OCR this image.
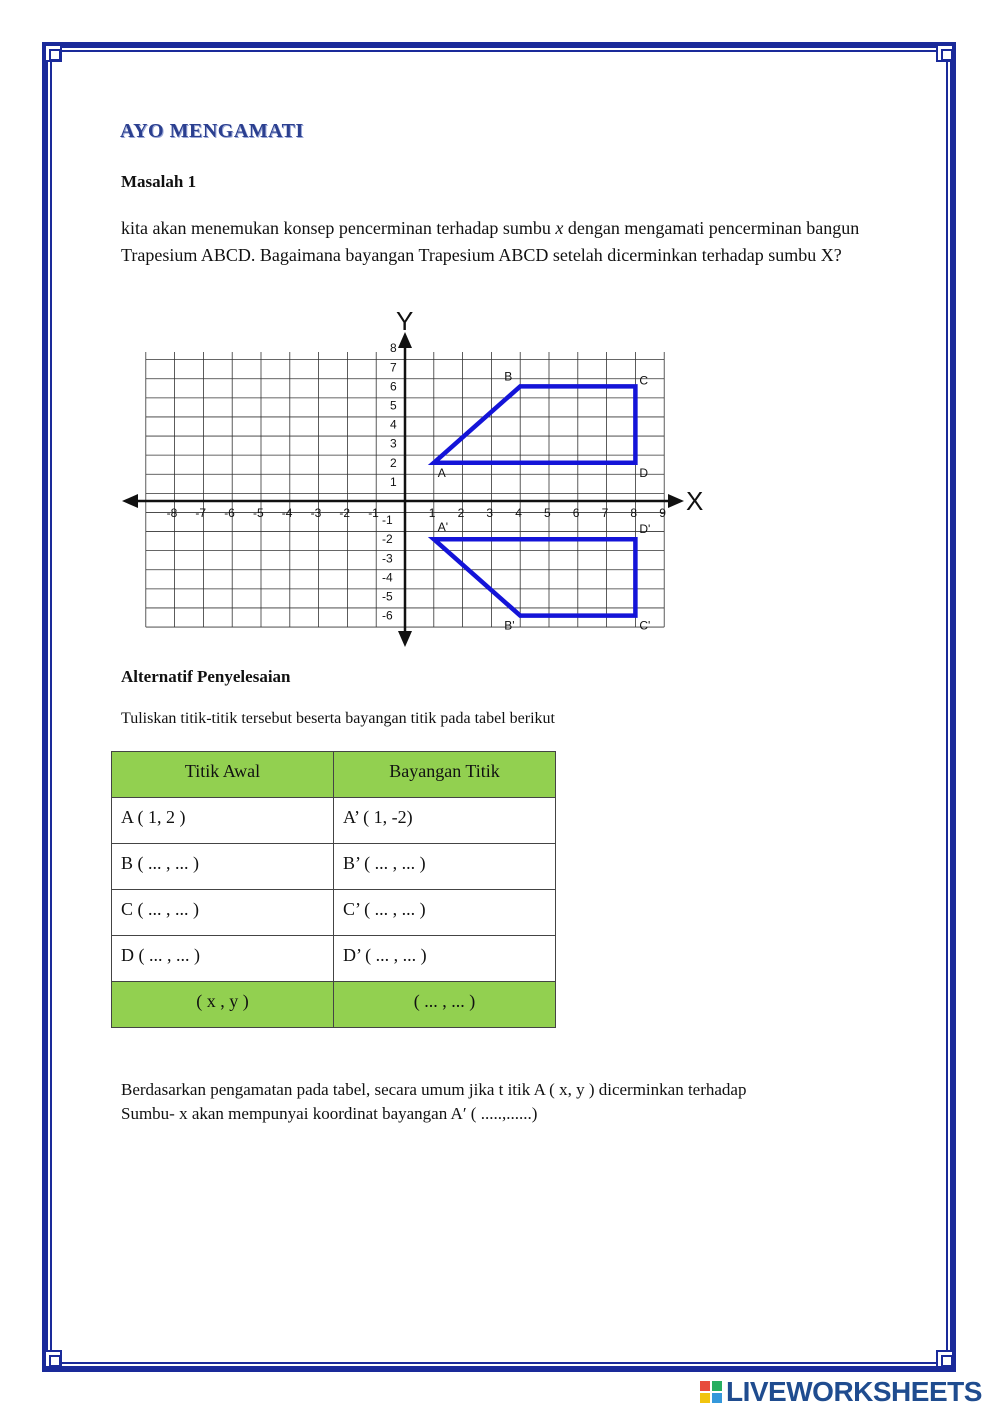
AYO MENGAMATI
Masalah 1
kita akan menemukan konsep pencerminan terhadap sumbu x dengan mengamati pencerminan bangun Trapesium ABCD. Bagaimana bayangan Trapesium ABCD setelah dicerminkan terhadap sumbu X?
-8 -7 -6 -5 -4 -3 -2 -1	1 2 3 4 5 6 7 8 9
8
7
6
5
4
3
2
1
-1
-2
-3
-4
-5
-6
A
B	C
D
A'
B'	C'
D'
X
Y
Alternatif Penyelesaian
Tuliskan titik-titik tersebut beserta bayangan titik pada tabel berikut
Titik Awal	Bayangan Titik
A ( 1, 2 )	A’ ( 1, -2)
B ( ... , ... )	B’ ( ... , ... )
C ( ... , ... )	C’ ( ... , ... )
D ( ... , ... )	D’ ( ... , ... )
( x , y )	( ... , ... )
Berdasarkan pengamatan pada tabel, secara umum jika t itik A ( x, y ) dicerminkan terhadap
Sumbu- x akan mempunyai koordinat bayangan A′ ( .....,......)
LIVEWORKSHEETS
